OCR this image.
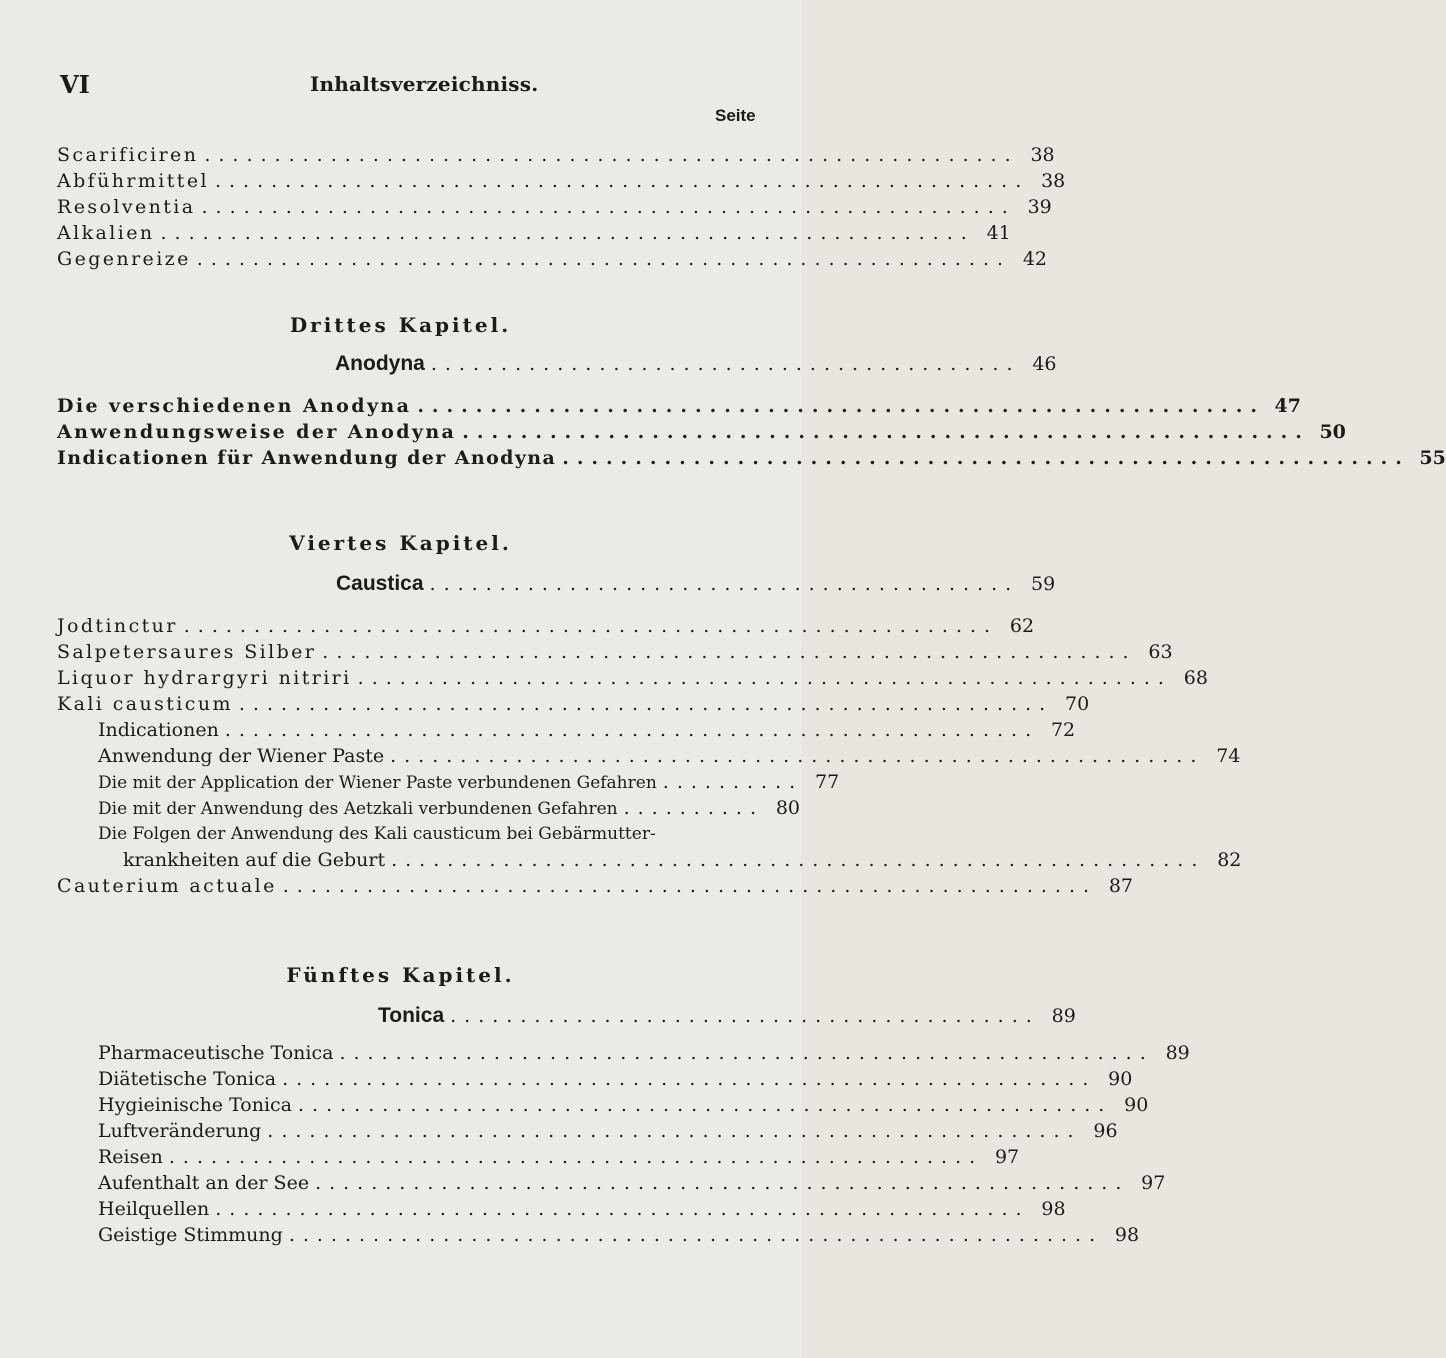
VI	Inhaltsverzeichniss.
Seite
Scarificiren .......................................................... 38
Abführmittel .......................................................... 38
Resolventia .......................................................... 39
Alkalien .......................................................... 41
Gegenreize .......................................................... 42
Drittes Kapitel.
Anodyna .......................................... 46
Die verschiedenen Anodyna .......................................................... 47
Anwendungsweise der Anodyna .......................................................... 50
Indicationen für Anwendung der Anodyna .......................................................... 55
Viertes Kapitel.
Caustica .......................................... 59
Jodtinctur .......................................................... 62
Salpetersaures Silber .......................................................... 63
Liquor hydrargyri nitriri .......................................................... 68
Kali causticum .......................................................... 70
Indicationen .......................................................... 72
Anwendung der Wiener Paste .......................................................... 74
Die mit der Application der Wiener Paste verbundenen Gefahren .......... 77
Die mit der Anwendung des Aetzkali verbundenen Gefahren .......... 80
Die Folgen der Anwendung des Kali causticum bei Gebärmutter-
krankheiten auf die Geburt .......................................................... 82
Cauterium actuale .......................................................... 87
Fünftes Kapitel.
Tonica .......................................... 89
Pharmaceutische Tonica .......................................................... 89
Diätetische Tonica .......................................................... 90
Hygieinische Tonica .......................................................... 90
Luftveränderung .......................................................... 96
Reisen .......................................................... 97
Aufenthalt an der See .......................................................... 97
Heilquellen .......................................................... 98
Geistige Stimmung .......................................................... 98
